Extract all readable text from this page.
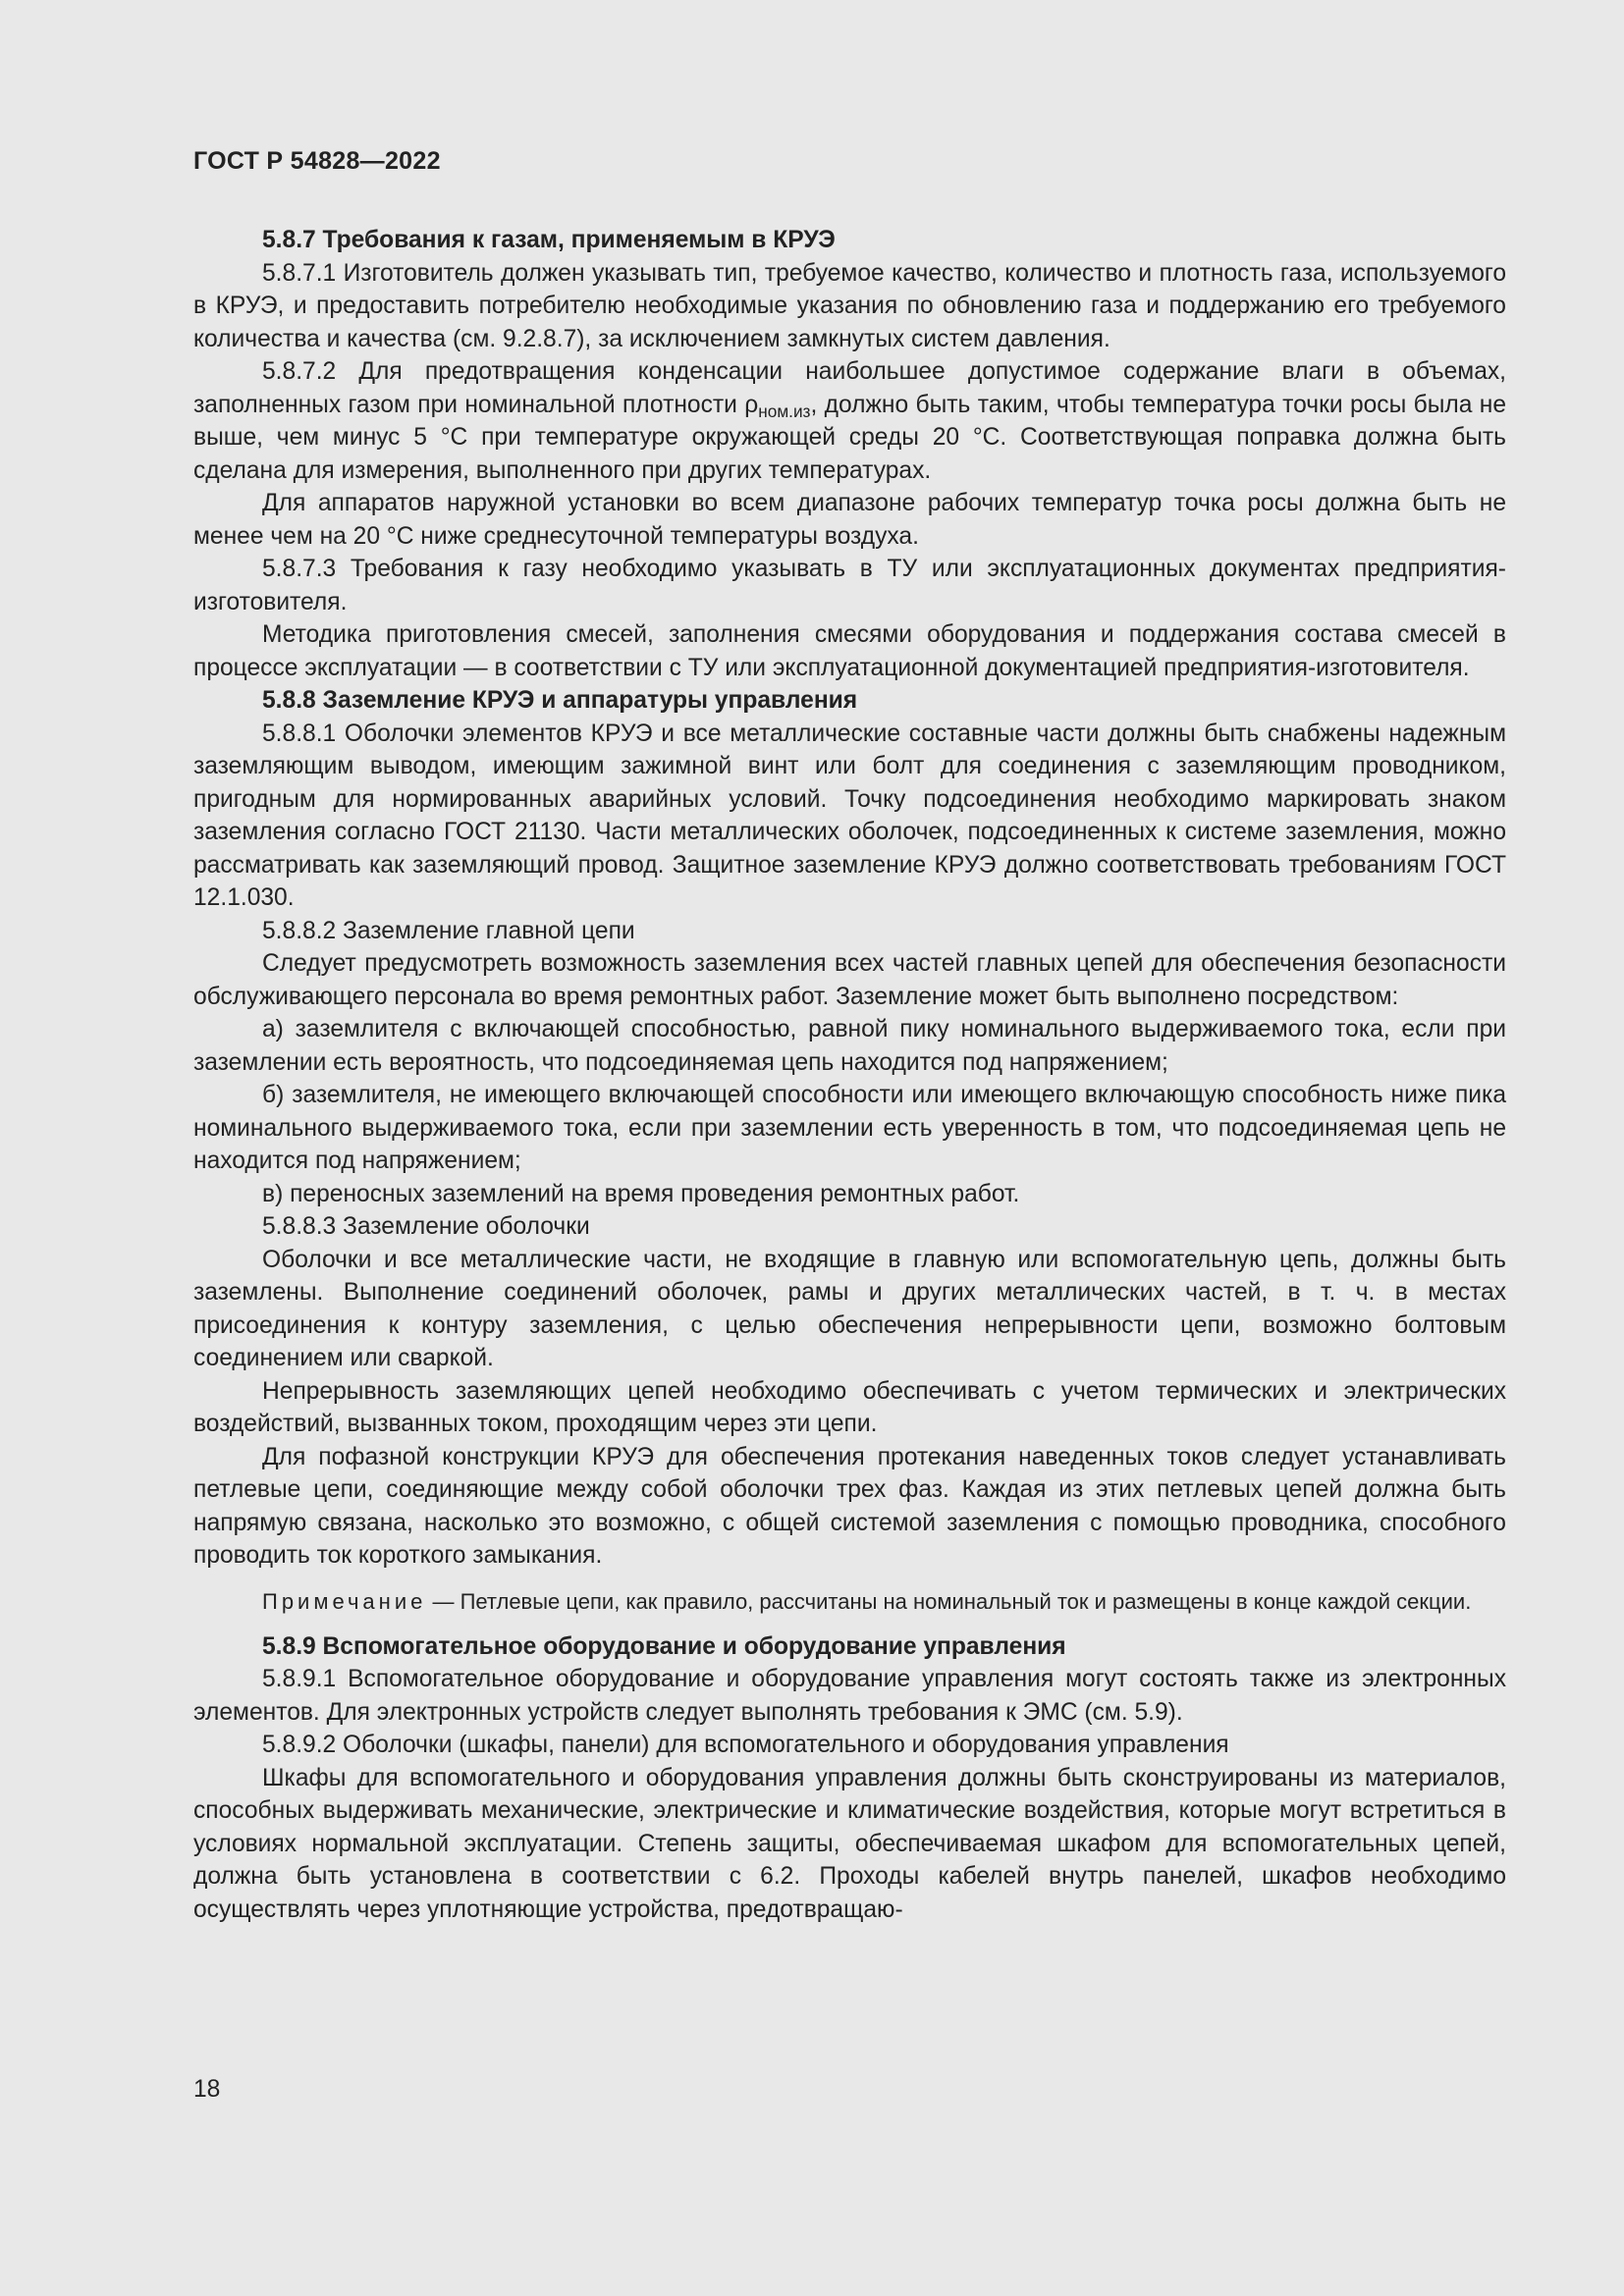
ГОСТ Р 54828—2022

5.8.7 Требования к газам, применяемым в КРУЭ

5.8.7.1 Изготовитель должен указывать тип, требуемое качество, количество и плотность газа, используемого в КРУЭ, и предоставить потребителю необходимые указания по обновлению газа и поддержанию его требуемого количества и качества (см. 9.2.8.7), за исключением замкнутых систем давления.

5.8.7.2 Для предотвращения конденсации наибольшее допустимое содержание влаги в объемах, заполненных газом при номинальной плотности $\rho_{ном.из}$, должно быть таким, чтобы температура точки росы была не выше, чем минус 5 °С при температуре окружающей среды 20 °С. Соответствующая поправка должна быть сделана для измерения, выполненного при других температурах.

Для аппаратов наружной установки во всем диапазоне рабочих температур точка росы должна быть не менее чем на 20 °С ниже среднесуточной температуры воздуха.

5.8.7.3 Требования к газу необходимо указывать в ТУ или эксплуатационных документах предприятия-изготовителя.

Методика приготовления смесей, заполнения смесями оборудования и поддержания состава смесей в процессе эксплуатации — в соответствии с ТУ или эксплуатационной документацией предприятия-изготовителя.

5.8.8 Заземление КРУЭ и аппаратуры управления

5.8.8.1 Оболочки элементов КРУЭ и все металлические составные части должны быть снабжены надежным заземляющим выводом, имеющим зажимной винт или болт для соединения с заземляющим проводником, пригодным для нормированных аварийных условий. Точку подсоединения необходимо маркировать знаком заземления согласно ГОСТ 21130. Части металлических оболочек, подсоединенных к системе заземления, можно рассматривать как заземляющий провод. Защитное заземление КРУЭ должно соответствовать требованиям ГОСТ 12.1.030.

5.8.8.2 Заземление главной цепи

Следует предусмотреть возможность заземления всех частей главных цепей для обеспечения безопасности обслуживающего персонала во время ремонтных работ. Заземление может быть выполнено посредством:

а) заземлителя с включающей способностью, равной пику номинального выдерживаемого тока, если при заземлении есть вероятность, что подсоединяемая цепь находится под напряжением;

б) заземлителя, не имеющего включающей способности или имеющего включающую способность ниже пика номинального выдерживаемого тока, если при заземлении есть уверенность в том, что подсоединяемая цепь не находится под напряжением;

в) переносных заземлений на время проведения ремонтных работ.

5.8.8.3 Заземление оболочки

Оболочки и все металлические части, не входящие в главную или вспомогательную цепь, должны быть заземлены. Выполнение соединений оболочек, рамы и других металлических частей, в т. ч. в местах присоединения к контуру заземления, с целью обеспечения непрерывности цепи, возможно болтовым соединением или сваркой.

Непрерывность заземляющих цепей необходимо обеспечивать с учетом термических и электрических воздействий, вызванных током, проходящим через эти цепи.

Для пофазной конструкции КРУЭ для обеспечения протекания наведенных токов следует устанавливать петлевые цепи, соединяющие между собой оболочки трех фаз. Каждая из этих петлевых цепей должна быть напрямую связана, насколько это возможно, с общей системой заземления с помощью проводника, способного проводить ток короткого замыкания.

Примечание — Петлевые цепи, как правило, рассчитаны на номинальный ток и размещены в конце каждой секции.

5.8.9 Вспомогательное оборудование и оборудование управления

5.8.9.1 Вспомогательное оборудование и оборудование управления могут состоять также из электронных элементов. Для электронных устройств следует выполнять требования к ЭМС (см. 5.9).

5.8.9.2 Оболочки (шкафы, панели) для вспомогательного и оборудования управления

Шкафы для вспомогательного и оборудования управления должны быть сконструированы из материалов, способных выдерживать механические, электрические и климатические воздействия, которые могут встретиться в условиях нормальной эксплуатации. Степень защиты, обеспечиваемая шкафом для вспомогательных цепей, должна быть установлена в соответствии с 6.2. Проходы кабелей внутрь панелей, шкафов необходимо осуществлять через уплотняющие устройства, предотвращаю-

18
